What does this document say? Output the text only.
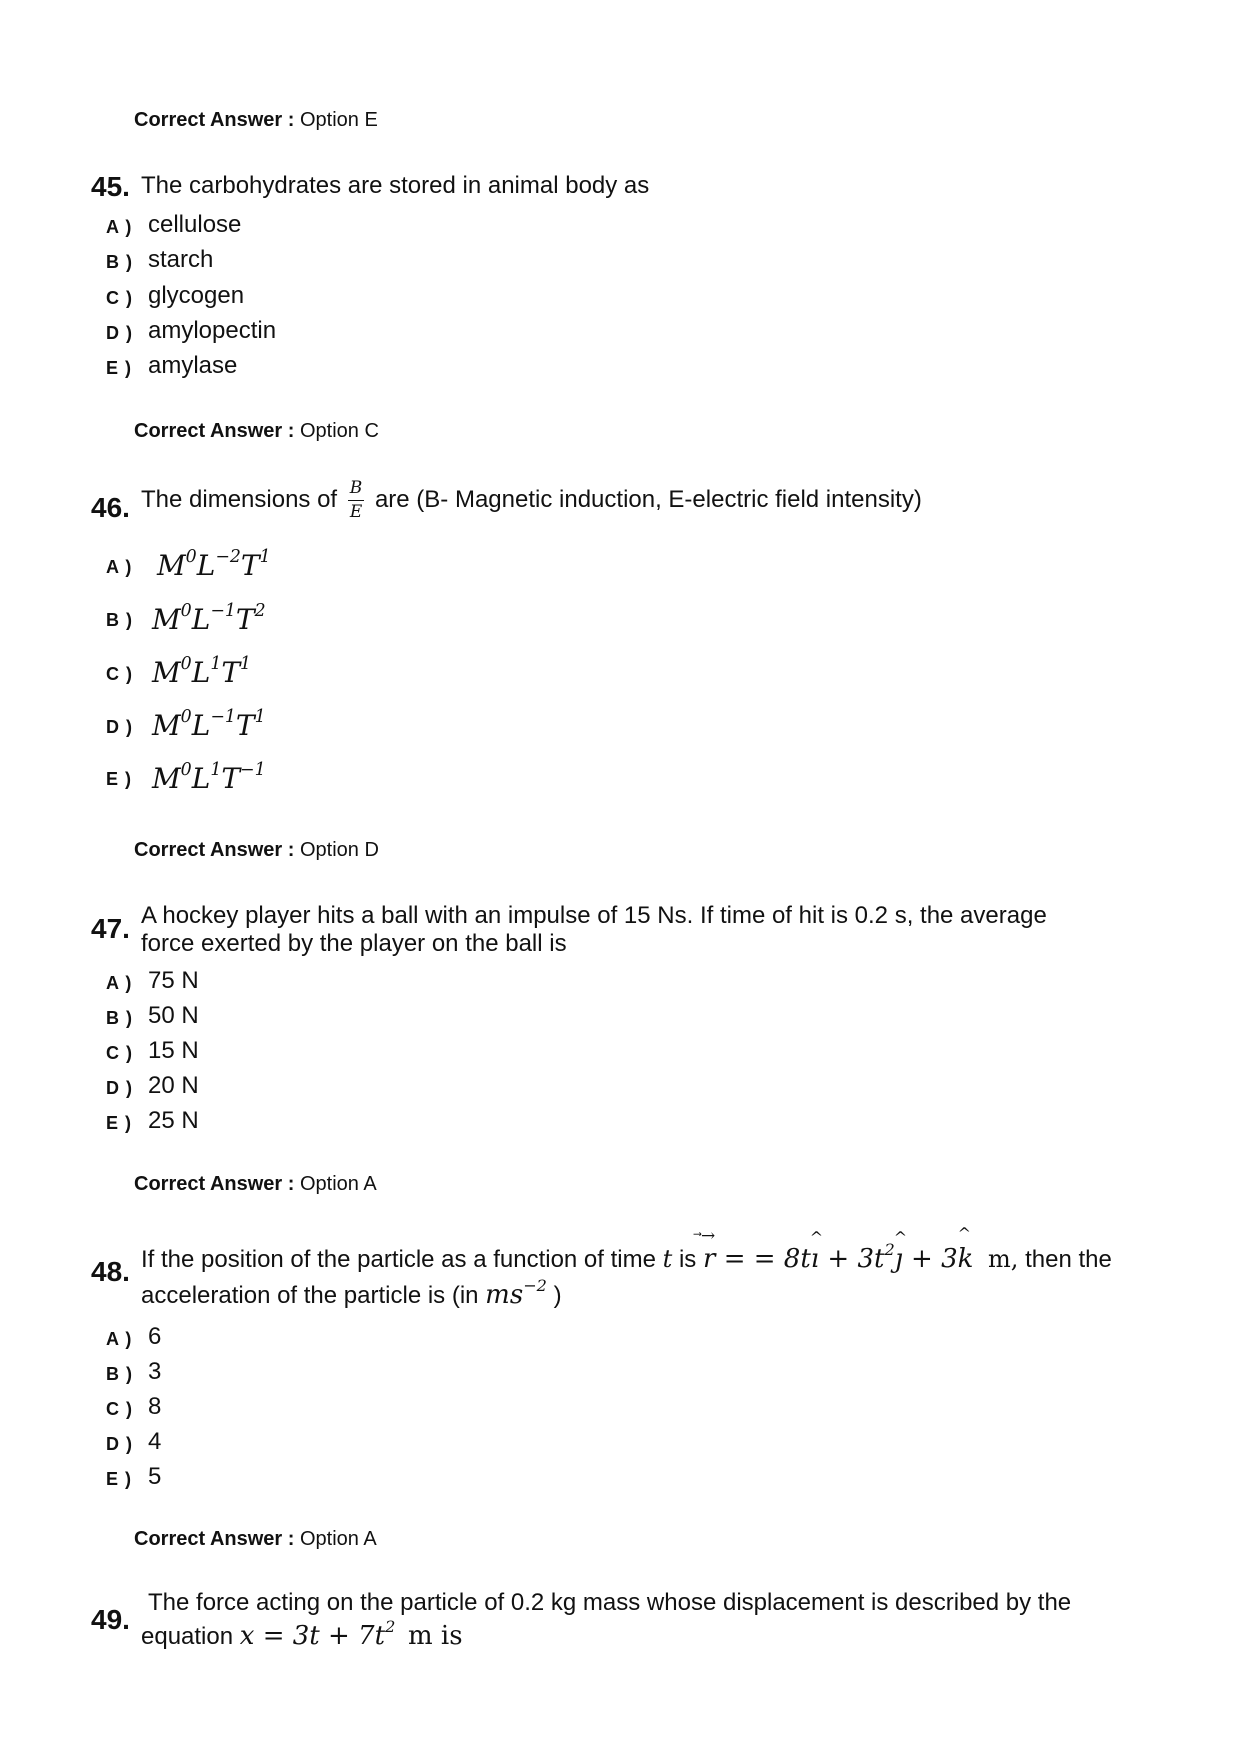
Correct Answer : Option E
45. The carbohydrates are stored in animal body as
A ) cellulose
B ) starch
C ) glycogen
D ) amylopectin
E ) amylase
Correct Answer : Option C
46. The dimensions of $\frac{B}{E}$ are (B- Magnetic induction, E-electric field intensity)
A ) $M^0L^{-2}T^1$
B ) $M^0L^{-1}T^2$
C ) $M^0L^1T^1$
D ) $M^0L^{-1}T^1$
E ) $M^0L^1T^{-1}$
Correct Answer : Option D
47. A hockey player hits a ball with an impulse of 15 Ns. If time of hit is 0.2 s, the average
force exerted by the player on the ball is
A ) 75 N
B ) 50 N
C ) 15 N
D ) 20 N
E ) 25 N
Correct Answer : Option A
48. If the position of the particle as a function of time t is r
→
= = 8tı
^
+ $3t^2ȷ$
^
+ 3k
^
m, then the
acceleration of the particle is (in $ms^{-2}$ )
A ) 6
B ) 3
C ) 8
D ) 4
E ) 5
Correct Answer : Option A
49.
The force acting on the particle of 0.2 kg mass whose displacement is described by the
equation $x = 3t + 7t^2$ m is
